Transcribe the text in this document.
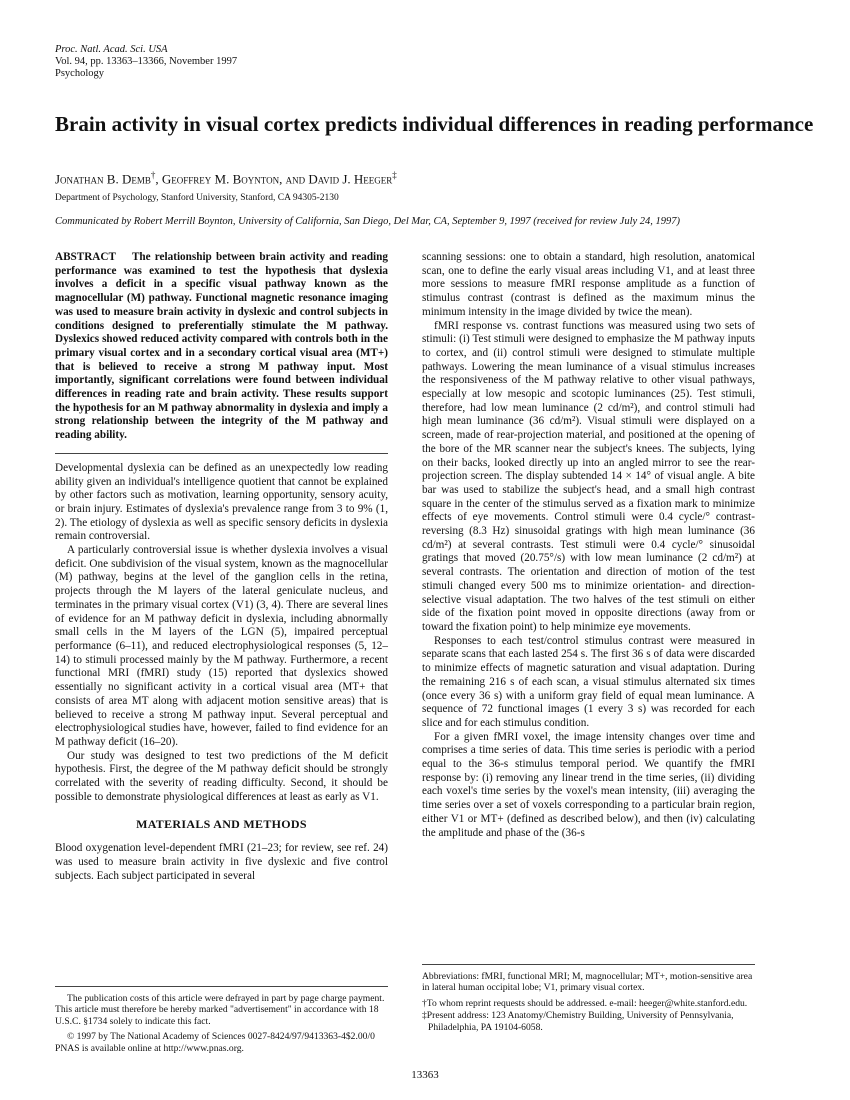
Proc. Natl. Acad. Sci. USA
Vol. 94, pp. 13363–13366, November 1997
Psychology
Brain activity in visual cortex predicts individual differences in reading performance
Jonathan B. Demb†, Geoffrey M. Boynton, and David J. Heeger‡
Department of Psychology, Stanford University, Stanford, CA 94305-2130
Communicated by Robert Merrill Boynton, University of California, San Diego, Del Mar, CA, September 9, 1997 (received for review July 24, 1997)

ABSTRACT The relationship between brain activity and reading performance was examined to test the hypothesis that dyslexia involves a deficit in a specific visual pathway known as the magnocellular (M) pathway. Functional magnetic resonance imaging was used to measure brain activity in dyslexic and control subjects in conditions designed to preferentially stimulate the M pathway. Dyslexics showed reduced activity compared with controls both in the primary visual cortex and in a secondary cortical visual area (MT+) that is believed to receive a strong M pathway input. Most importantly, significant correlations were found between individual differences in reading rate and brain activity. These results support the hypothesis for an M pathway abnormality in dyslexia and imply a strong relationship between the integrity of the M pathway and reading ability.

Developmental dyslexia can be defined as an unexpectedly low reading ability given an individual's intelligence quotient that cannot be explained by other factors such as motivation, learning opportunity, sensory acuity, or brain injury. Estimates of dyslexia's prevalence range from 3 to 9% (1, 2). The etiology of dyslexia as well as specific sensory deficits in dyslexia remain controversial.

A particularly controversial issue is whether dyslexia involves a visual deficit. One subdivision of the visual system, known as the magnocellular (M) pathway, begins at the level of the ganglion cells in the retina, projects through the M layers of the lateral geniculate nucleus, and terminates in the primary visual cortex (V1) (3, 4). There are several lines of evidence for an M pathway deficit in dyslexia, including abnormally small cells in the M layers of the LGN (5), impaired perceptual performance (6–11), and reduced electrophysiological responses (5, 12–14) to stimuli processed mainly by the M pathway. Furthermore, a recent functional MRI (fMRI) study (15) reported that dyslexics showed essentially no significant activity in a cortical visual area (MT+ that consists of area MT along with adjacent motion sensitive areas) that is believed to receive a strong M pathway input. Several perceptual and electrophysiological studies have, however, failed to find evidence for an M pathway deficit (16–20).

Our study was designed to test two predictions of the M deficit hypothesis. First, the degree of the M pathway deficit should be strongly correlated with the severity of reading difficulty. Second, it should be possible to demonstrate physiological differences at least as early as V1.

MATERIALS AND METHODS

Blood oxygenation level-dependent fMRI (21–23; for review, see ref. 24) was used to measure brain activity in five dyslexic and five control subjects. Each subject participated in several

The publication costs of this article were defrayed in part by page charge payment. This article must therefore be hereby marked "advertisement" in accordance with 18 U.S.C. §1734 solely to indicate this fact.

© 1997 by The National Academy of Sciences 0027-8424/97/9413363-4$2.00/0

PNAS is available online at http://www.pnas.org.

scanning sessions: one to obtain a standard, high resolution, anatomical scan, one to define the early visual areas including V1, and at least three more sessions to measure fMRI response amplitude as a function of stimulus contrast (contrast is defined as the maximum minus the minimum intensity in the image divided by twice the mean).

fMRI response vs. contrast functions was measured using two sets of stimuli: (i) Test stimuli were designed to emphasize the M pathway inputs to cortex, and (ii) control stimuli were designed to stimulate multiple pathways. Lowering the mean luminance of a visual stimulus increases the responsiveness of the M pathway relative to other visual pathways, especially at low mesopic and scotopic luminances (25). Test stimuli, therefore, had low mean luminance (2 cd/m²), and control stimuli had high mean luminance (36 cd/m²). Visual stimuli were displayed on a screen, made of rear-projection material, and positioned at the opening of the bore of the MR scanner near the subject's knees. The subjects, lying on their backs, looked directly up into an angled mirror to see the rear-projection screen. The display subtended 14 × 14° of visual angle. A bite bar was used to stabilize the subject's head, and a small high contrast square in the center of the stimulus served as a fixation mark to minimize effects of eye movements. Control stimuli were 0.4 cycle/° contrast-reversing (8.3 Hz) sinusoidal gratings with high mean luminance (36 cd/m²) at several contrasts. Test stimuli were 0.4 cycle/° sinusoidal gratings that moved (20.75°/s) with low mean luminance (2 cd/m²) at several contrasts. The orientation and direction of motion of the test stimuli changed every 500 ms to minimize orientation- and direction-selective visual adaptation. The two halves of the test stimuli on either side of the fixation point moved in opposite directions (away from or toward the fixation point) to help minimize eye movements.

Responses to each test/control stimulus contrast were measured in separate scans that each lasted 254 s. The first 36 s of data were discarded to minimize effects of magnetic saturation and visual adaptation. During the remaining 216 s of each scan, a visual stimulus alternated six times (once every 36 s) with a uniform gray field of equal mean luminance. A sequence of 72 functional images (1 every 3 s) was recorded for each slice and for each stimulus condition.

For a given fMRI voxel, the image intensity changes over time and comprises a time series of data. This time series is periodic with a period equal to the 36-s stimulus temporal period. We quantify the fMRI response by: (i) removing any linear trend in the time series, (ii) dividing each voxel's time series by the voxel's mean intensity, (iii) averaging the time series over a set of voxels corresponding to a particular brain region, either V1 or MT+ (defined as described below), and then (iv) calculating the amplitude and phase of the (36-s

Abbreviations: fMRI, functional MRI; M, magnocellular; MT+, motion-sensitive area in lateral human occipital lobe; V1, primary visual cortex.

†To whom reprint requests should be addressed. e-mail: heeger@white.stanford.edu.

‡Present address: 123 Anatomy/Chemistry Building, University of Pennsylvania, Philadelphia, PA 19104-6058.

13363
